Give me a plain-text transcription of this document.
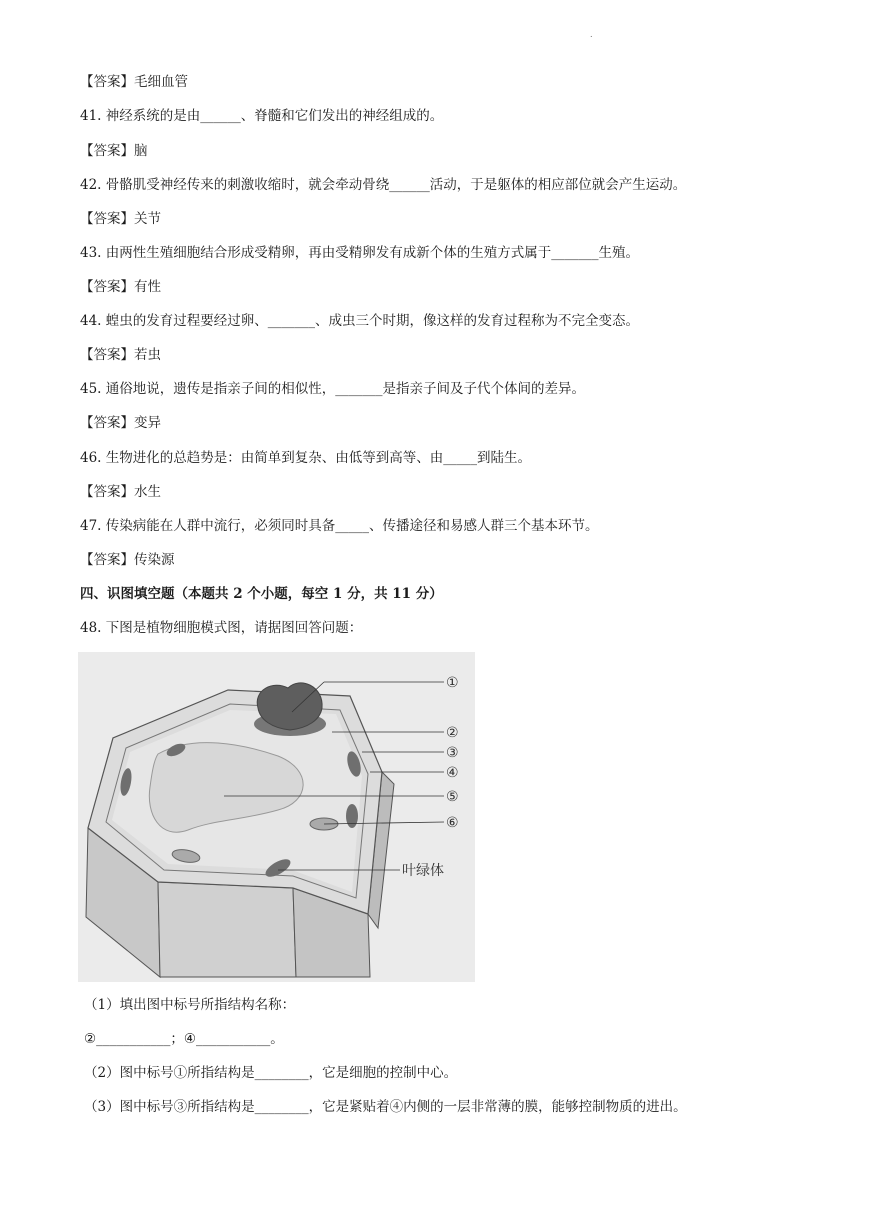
.
【答案】毛细血管
41. 神经系统的是由______、脊髓和它们发出的神经组成的。
【答案】脑
42. 骨骼肌受神经传来的刺激收缩时，就会牵动骨绕______活动，于是躯体的相应部位就会产生运动。
【答案】关节
43. 由两性生殖细胞结合形成受精卵，再由受精卵发有成新个体的生殖方式属于_______生殖。
【答案】有性
44. 蝗虫的发育过程要经过卵、_______、成虫三个时期，像这样的发育过程称为不完全变态。
【答案】若虫
45. 通俗地说，遗传是指亲子间的相似性，_______是指亲子间及子代个体间的差异。
【答案】变异
46. 生物进化的总趋势是：由简单到复杂、由低等到高等、由_____到陆生。
【答案】水生
47. 传染病能在人群中流行，必须同时具备_____、传播途径和易感人群三个基本环节。
【答案】传染源
四、识图填空题（本题共 2 个小题，每空 1 分，共 11 分）
48. 下图是植物细胞模式图，请据图回答问题：
①
②
③
④
⑤
⑥
叶绿体
（1）填出图中标号所指结构名称：
②___________；④___________。
（2）图中标号①所指结构是________，它是细胞的控制中心。
（3）图中标号③所指结构是________，它是紧贴着④内侧的一层非常薄的膜，能够控制物质的进出。
